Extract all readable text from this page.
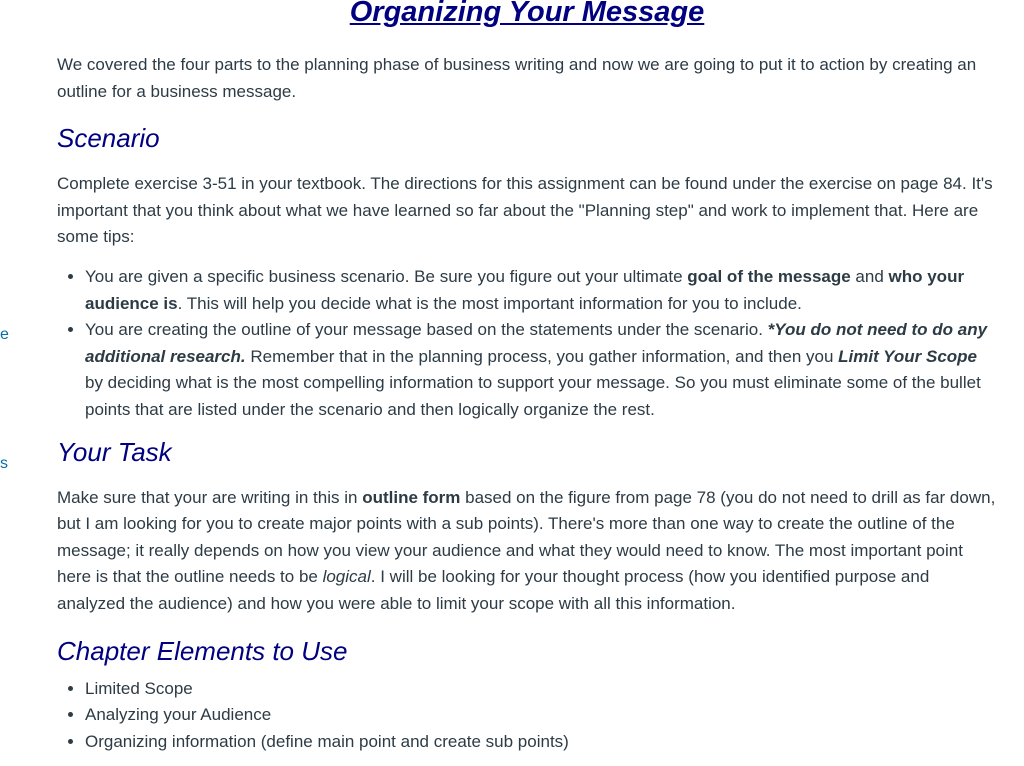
e
s
Organizing Your Message

We covered the four parts to the planning phase of business writing and now we are going to put it to action by creating an outline for a business message.

Scenario

Complete exercise 3-51 in your textbook. The directions for this assignment can be found under the exercise on page 84. It's important that you think about what we have learned so far about the "Planning step" and work to implement that. Here are some tips:

• You are given a specific business scenario. Be sure you figure out your ultimate goal of the message and who your audience is. This will help you decide what is the most important information for you to include.
• You are creating the outline of your message based on the statements under the scenario. *You do not need to do any additional research. Remember that in the planning process, you gather information, and then you Limit Your Scope by deciding what is the most compelling information to support your message. So you must eliminate some of the bullet points that are listed under the scenario and then logically organize the rest.
Your Task

Make sure that your are writing in this in outline form based on the figure from page 78 (you do not need to drill as far down, but I am looking for you to create major points with a sub points). There's more than one way to create the outline of the message; it really depends on how you view your audience and what they would need to know. The most important point here is that the outline needs to be logical. I will be looking for your thought process (how you identified purpose and analyzed the audience) and how you were able to limit your scope with all this information.

Chapter Elements to Use
• Limited Scope
• Analyzing your Audience
• Organizing information (define main point and create sub points)
